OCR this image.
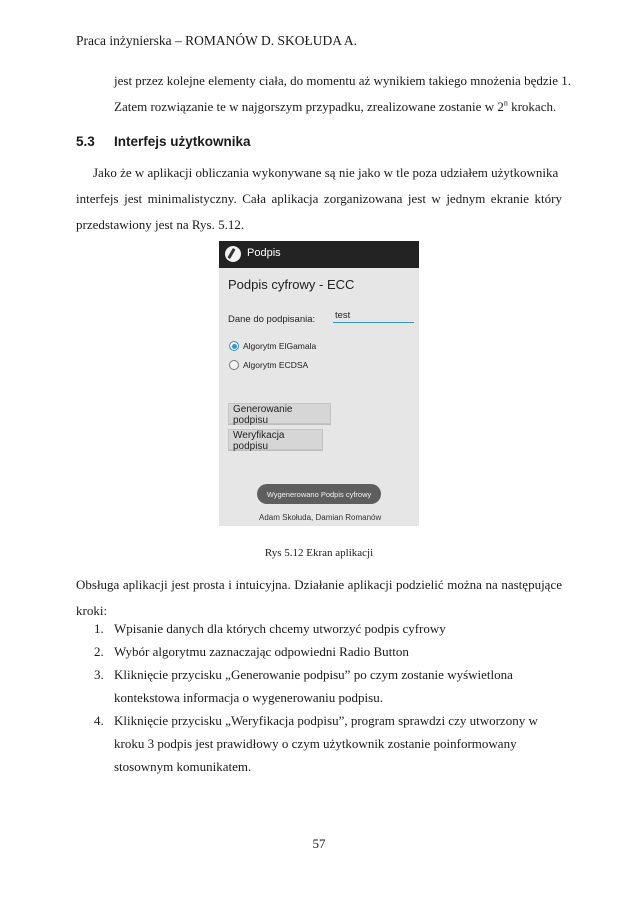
Praca inżynierska – ROMANÓW D. SKOŁUDA A.
jest przez kolejne elementy ciała, do momentu aż wynikiem takiego mnożenia będzie 1.
Zatem rozwiązanie te w najgorszym przypadku, zrealizowane zostanie w 2$^n$ krokach.
5.3 Interfejs użytkownika
Jako że w aplikacji obliczania wykonywane są nie jako w tle poza udziałem użytkownika
interfejs jest minimalistyczny. Cała aplikacja zorganizowana jest w jednym ekranie który
przedstawiony jest na Rys. 5.12.
Podpis
Podpis cyfrowy - ECC
Dane do podpisania:
test
Algorytm ElGamala
Algorytm ECDSA
Generowanie podpisu
Weryfikacja podpisu
Adam Skołuda, Damian Romanów
Wygenerowano Podpis cyfrowy
Rys 5.12 Ekran aplikacji
Obsługa aplikacji jest prosta i intuicyjna. Działanie aplikacji podzielić można na następujące
kroki:
1. Wpisanie danych dla których chcemy utworzyć podpis cyfrowy
2. Wybór algorytmu zaznaczając odpowiedni Radio Button
3. Kliknięcie przycisku „Generowanie podpisu” po czym zostanie wyświetlona
kontekstowa informacja o wygenerowaniu podpisu.
4. Kliknięcie przycisku „Weryfikacja podpisu”, program sprawdzi czy utworzony w
kroku 3 podpis jest prawidłowy o czym użytkownik zostanie poinformowany
stosownym komunikatem.
57
